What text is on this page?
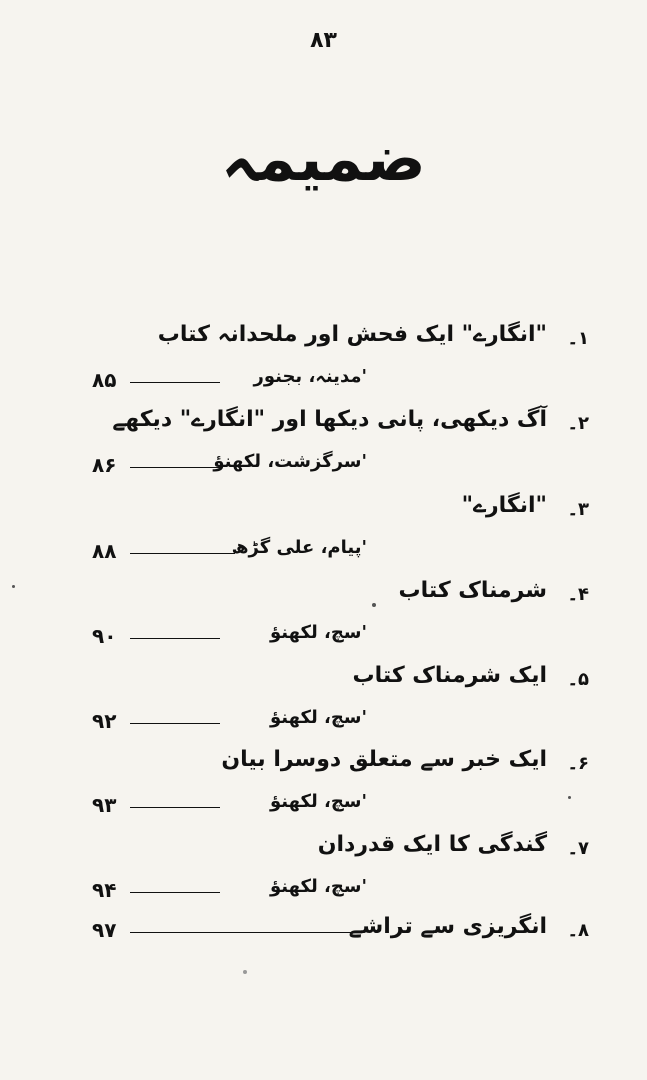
۸۳
ضمیمہ
۱۔
"انگارے" ایک فحش اور ملحدانہ کتاب
'مدینہ، بجنور
۸۵
۲۔
آگ دیکھی، پانی دیکھا اور "انگارے" دیکھے
'سرگزشت، لکھنؤ
۸۶
۳۔
"انگارے"
'پیام، علی گڑھ
۸۸
۴۔
شرمناک کتاب
'سچ، لکھنؤ
۹۰
۵۔
ایک شرمناک کتاب
'سچ، لکھنؤ
۹۲
۶۔
ایک خبر سے متعلق دوسرا بیان
'سچ، لکھنؤ
۹۳
۷۔
گندگی کا ایک قدردان
'سچ، لکھنؤ
۹۴
۸۔
انگریزی سے تراشے
۹۷
